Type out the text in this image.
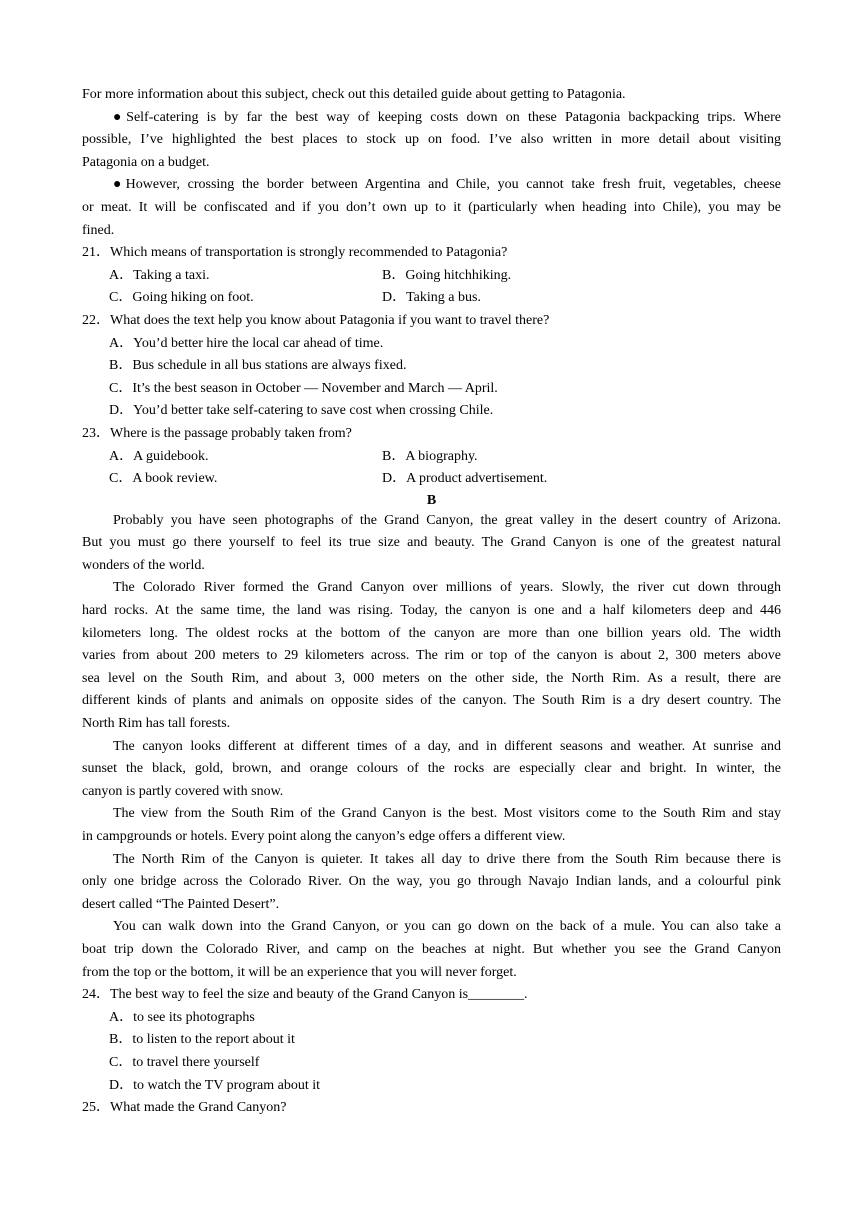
For more information about this subject, check out this detailed guide about getting to Patagonia.
●Self-catering is by far the best way of keeping costs down on these Patagonia backpacking trips. Where
possible, I’ve highlighted the best places to stock up on food. I’ve also written in more detail about visiting
Patagonia on a budget.
●However, crossing the border between Argentina and Chile, you cannot take fresh fruit, vegetables, cheese
or meat. It will be confiscated and if you don’t own up to it (particularly when heading into Chile), you may be
fined.
21．Which means of transportation is strongly recommended to Patagonia?
A．Taking a taxi.	B．Going hitchhiking.
C．Going hiking on foot.	D．Taking a bus.
22．What does the text help you know about Patagonia if you want to travel there?
A．You’d better hire the local car ahead of time.
B．Bus schedule in all bus stations are always fixed.
C．It’s the best season in October — November and March — April.
D．You’d better take self-catering to save cost when crossing Chile.
23．Where is the passage probably taken from?
A．A guidebook.	B．A biography.
C．A book review.	D．A product advertisement.
B
Probably you have seen photographs of the Grand Canyon, the great valley in the desert country of Arizona.
But you must go there yourself to feel its true size and beauty. The Grand Canyon is one of the greatest natural
wonders of the world.
The Colorado River formed the Grand Canyon over millions of years. Slowly, the river cut down through
hard rocks. At the same time, the land was rising. Today, the canyon is one and a half kilometers deep and 446
kilometers long. The oldest rocks at the bottom of the canyon are more than one billion years old. The width
varies from about 200 meters to 29 kilometers across. The rim or top of the canyon is about 2, 300 meters above
sea level on the South Rim, and about 3, 000 meters on the other side, the North Rim. As a result, there are
different kinds of plants and animals on opposite sides of the canyon. The South Rim is a dry desert country. The
North Rim has tall forests.
The canyon looks different at different times of a day, and in different seasons and weather. At sunrise and
sunset the black, gold, brown, and orange colours of the rocks are especially clear and bright. In winter, the
canyon is partly covered with snow.
The view from the South Rim of the Grand Canyon is the best. Most visitors come to the South Rim and stay
in campgrounds or hotels. Every point along the canyon’s edge offers a different view.
The North Rim of the Canyon is quieter. It takes all day to drive there from the South Rim because there is
only one bridge across the Colorado River. On the way, you go through Navajo Indian lands, and a colourful pink
desert called “The Painted Desert”.
You can walk down into the Grand Canyon, or you can go down on the back of a mule. You can also take a
boat trip down the Colorado River, and camp on the beaches at night. But whether you see the Grand Canyon
from the top or the bottom, it will be an experience that you will never forget.
24．The best way to feel the size and beauty of the Grand Canyon is________.
A．to see its photographs
B．to listen to the report about it
C．to travel there yourself
D．to watch the TV program about it
25．What made the Grand Canyon?
